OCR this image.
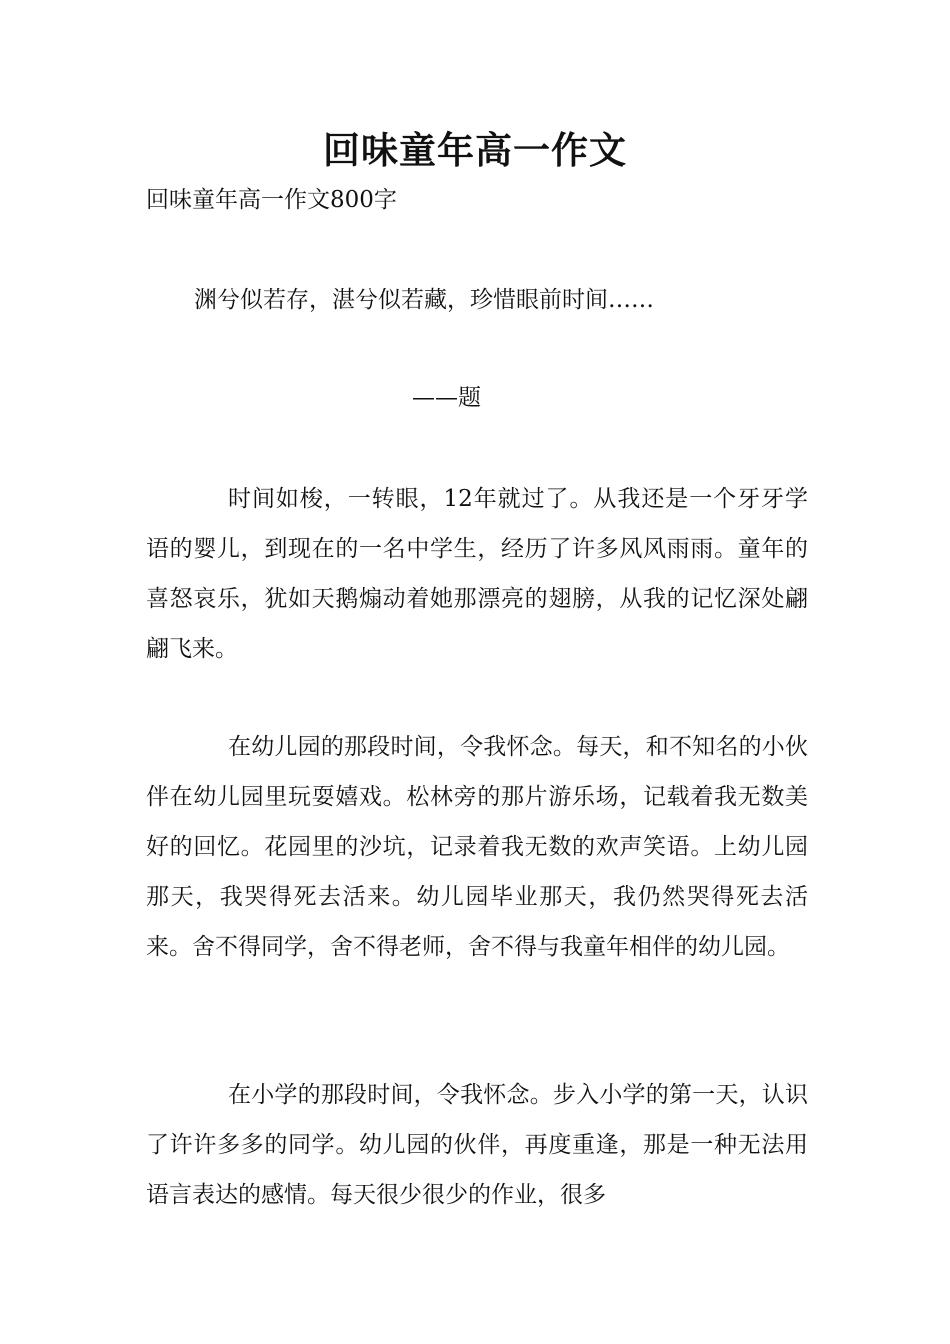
回味童年高一作文
回味童年高一作文800字
渊兮似若存，湛兮似若藏，珍惜眼前时间……
——题

时间如梭，一转眼，12年就过了。从我还是一个牙牙学语的婴儿，到现在的一名中学生，经历了许多风风雨雨。童年的喜怒哀乐，犹如天鹅煽动着她那漂亮的翅膀，从我的记忆深处翩翩飞来。

在幼儿园的那段时间，令我怀念。每天，和不知名的小伙伴在幼儿园里玩耍嬉戏。松林旁的那片游乐场，记载着我无数美好的回忆。花园里的沙坑，记录着我无数的欢声笑语。上幼儿园那天，我哭得死去活来。幼儿园毕业那天，我仍然哭得死去活来。舍不得同学，舍不得老师，舍不得与我童年相伴的幼儿园。

在小学的那段时间，令我怀念。步入小学的第一天，认识了许许多多的同学。幼儿园的伙伴，再度重逢，那是一种无法用语言表达的感情。每天很少很少的作业，很多
